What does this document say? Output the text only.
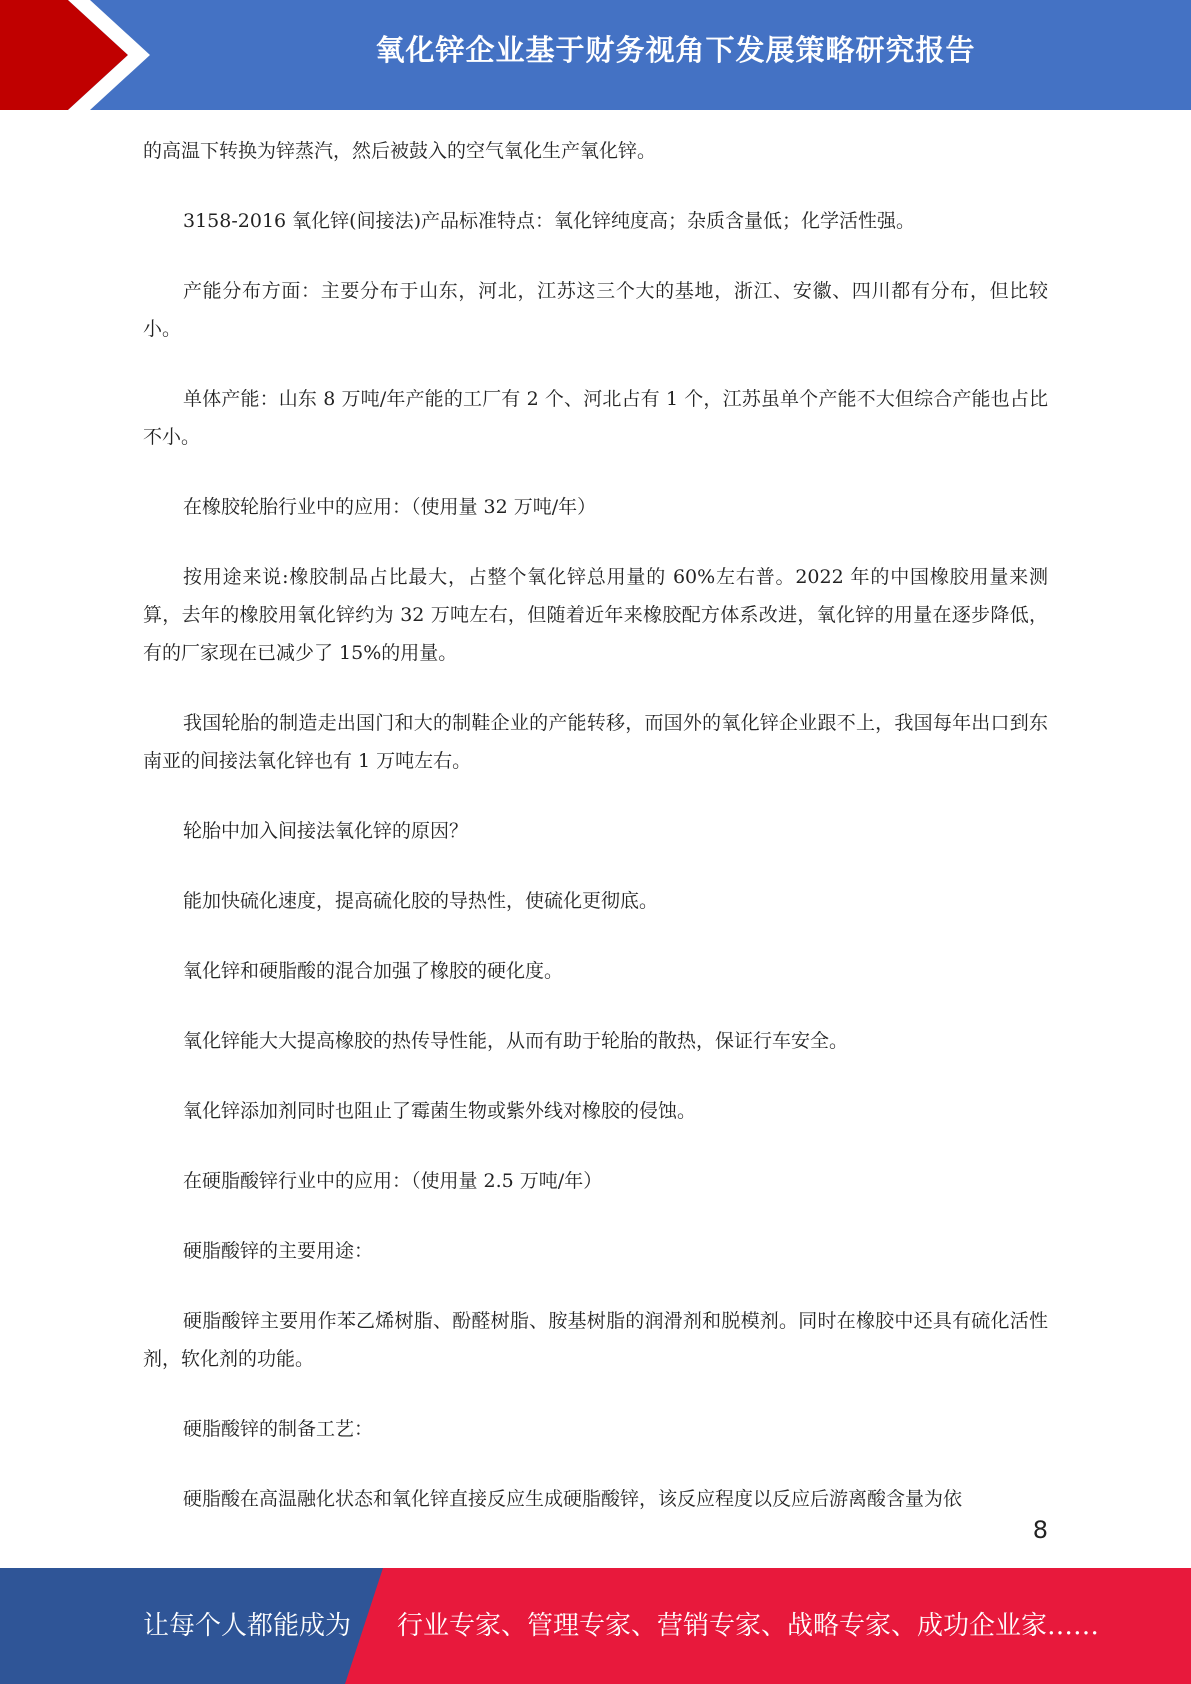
氧化锌企业基于财务视角下发展策略研究报告

的高温下转换为锌蒸汽，然后被鼓入的空气氧化生产氧化锌。

3158-2016 氧化锌(间接法)产品标准特点：氧化锌纯度高；杂质含量低；化学活性强。

产能分布方面：主要分布于山东，河北，江苏这三个大的基地，浙江、安徽、四川都有分布，但比较小。

单体产能：山东 8 万吨/年产能的工厂有 2 个、河北占有 1 个，江苏虽单个产能不大但综合产能也占比不小。

在橡胶轮胎行业中的应用：（使用量 32 万吨/年）

按用途来说:橡胶制品占比最大，占整个氧化锌总用量的 60%左右普。2022 年的中国橡胶用量来测算，去年的橡胶用氧化锌约为 32 万吨左右，但随着近年来橡胶配方体系改进，氧化锌的用量在逐步降低，有的厂家现在已减少了 15%的用量。

我国轮胎的制造走出国门和大的制鞋企业的产能转移，而国外的氧化锌企业跟不上，我国每年出口到东南亚的间接法氧化锌也有 1 万吨左右。

轮胎中加入间接法氧化锌的原因？

能加快硫化速度，提高硫化胶的导热性，使硫化更彻底。

氧化锌和硬脂酸的混合加强了橡胶的硬化度。

氧化锌能大大提高橡胶的热传导性能，从而有助于轮胎的散热，保证行车安全。

氧化锌添加剂同时也阻止了霉菌生物或紫外线对橡胶的侵蚀。

在硬脂酸锌行业中的应用：（使用量 2.5 万吨/年）

硬脂酸锌的主要用途：

硬脂酸锌主要用作苯乙烯树脂、酚醛树脂、胺基树脂的润滑剂和脱模剂。同时在橡胶中还具有硫化活性剂，软化剂的功能。

硬脂酸锌的制备工艺：

硬脂酸在高温融化状态和氧化锌直接反应生成硬脂酸锌，该反应程度以反应后游离酸含量为依

8
让每个人都能成为 行业专家、管理专家、营销专家、战略专家、成功企业家……
